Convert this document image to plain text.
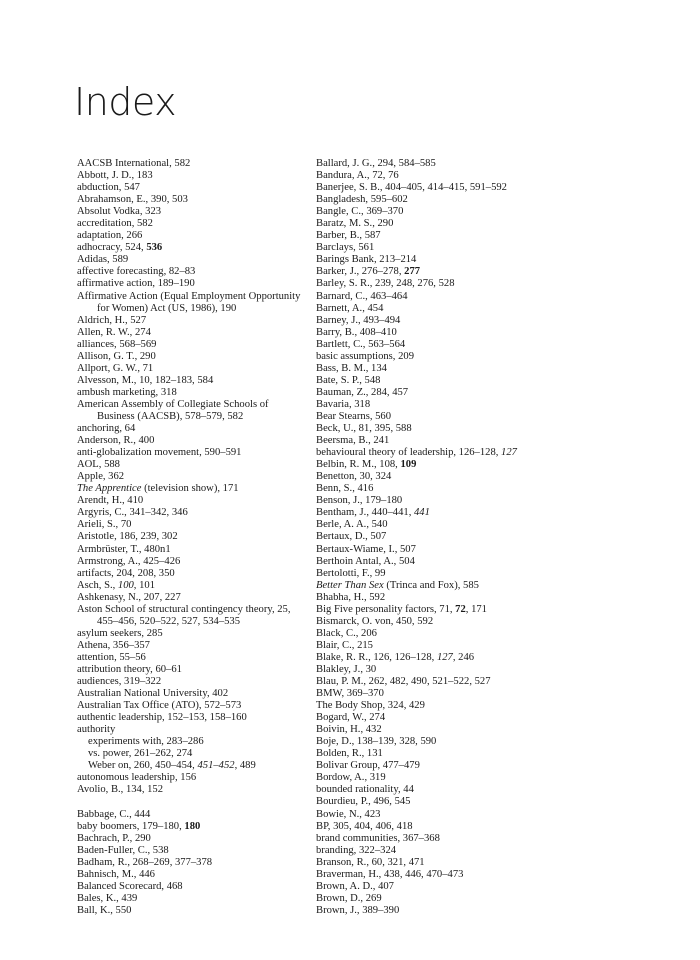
Index
AACSB International, 582
Abbott, J. D., 183
abduction, 547
Abrahamson, E., 390, 503
Absolut Vodka, 323
accreditation, 582
adaptation, 266
adhocracy, 524, 536
Adidas, 589
affective forecasting, 82–83
affirmative action, 189–190
Affirmative Action (Equal Employment Opportunity for Women) Act (US, 1986), 190
Aldrich, H., 527
Allen, R. W., 274
alliances, 568–569
Allison, G. T., 290
Allport, G. W., 71
Alvesson, M., 10, 182–183, 584
ambush marketing, 318
American Assembly of Collegiate Schools of Business (AACSB), 578–579, 582
anchoring, 64
Anderson, R., 400
anti-globalization movement, 590–591
AOL, 588
Apple, 362
The Apprentice (television show), 171
Arendt, H., 410
Argyris, C., 341–342, 346
Arieli, S., 70
Aristotle, 186, 239, 302
Armbrüster, T., 480n1
Armstrong, A., 425–426
artifacts, 204, 208, 350
Asch, S., 100, 101
Ashkenasy, N., 207, 227
Aston School of structural contingency theory, 25, 455–456, 520–522, 527, 534–535
asylum seekers, 285
Athena, 356–357
attention, 55–56
attribution theory, 60–61
audiences, 319–322
Australian National University, 402
Australian Tax Office (ATO), 572–573
authentic leadership, 152–153, 158–160
authority
experiments with, 283–286
vs. power, 261–262, 274
Weber on, 260, 450–454, 451–452, 489
autonomous leadership, 156
Avolio, B., 134, 152
Babbage, C., 444
baby boomers, 179–180, 180
Bachrach, P., 290
Baden-Fuller, C., 538
Badham, R., 268–269, 377–378
Bahnisch, M., 446
Balanced Scorecard, 468
Bales, K., 439
Ball, K., 550
Ballard, J. G., 294, 584–585
Bandura, A., 72, 76
Banerjee, S. B., 404–405, 414–415, 591–592
Bangladesh, 595–602
Bangle, C., 369–370
Baratz, M. S., 290
Barber, B., 587
Barclays, 561
Barings Bank, 213–214
Barker, J., 276–278, 277
Barley, S. R., 239, 248, 276, 528
Barnard, C., 463–464
Barnett, A., 454
Barney, J., 493–494
Barry, B., 408–410
Bartlett, C., 563–564
basic assumptions, 209
Bass, B. M., 134
Bate, S. P., 548
Bauman, Z., 284, 457
Bavaria, 318
Bear Stearns, 560
Beck, U., 81, 395, 588
Beersma, B., 241
behavioural theory of leadership, 126–128, 127
Belbin, R. M., 108, 109
Benetton, 30, 324
Benn, S., 416
Benson, J., 179–180
Bentham, J., 440–441, 441
Berle, A. A., 540
Bertaux, D., 507
Bertaux-Wiame, I., 507
Berthoin Antal, A., 504
Bertolotti, F., 99
Better Than Sex (Trinca and Fox), 585
Bhabha, H., 592
Big Five personality factors, 71, 72, 171
Bismarck, O. von, 450, 592
Black, C., 206
Blair, C., 215
Blake, R. R., 126, 126–128, 127, 246
Blakley, J., 30
Blau, P. M., 262, 482, 490, 521–522, 527
BMW, 369–370
The Body Shop, 324, 429
Bogard, W., 274
Boivin, H., 432
Boje, D., 138–139, 328, 590
Bolden, R., 131
Bolivar Group, 477–479
Bordow, A., 319
bounded rationality, 44
Bourdieu, P., 496, 545
Bowie, N., 423
BP, 305, 404, 406, 418
brand communities, 367–368
branding, 322–324
Branson, R., 60, 321, 471
Braverman, H., 438, 446, 470–473
Brown, A. D., 407
Brown, D., 269
Brown, J., 389–390
